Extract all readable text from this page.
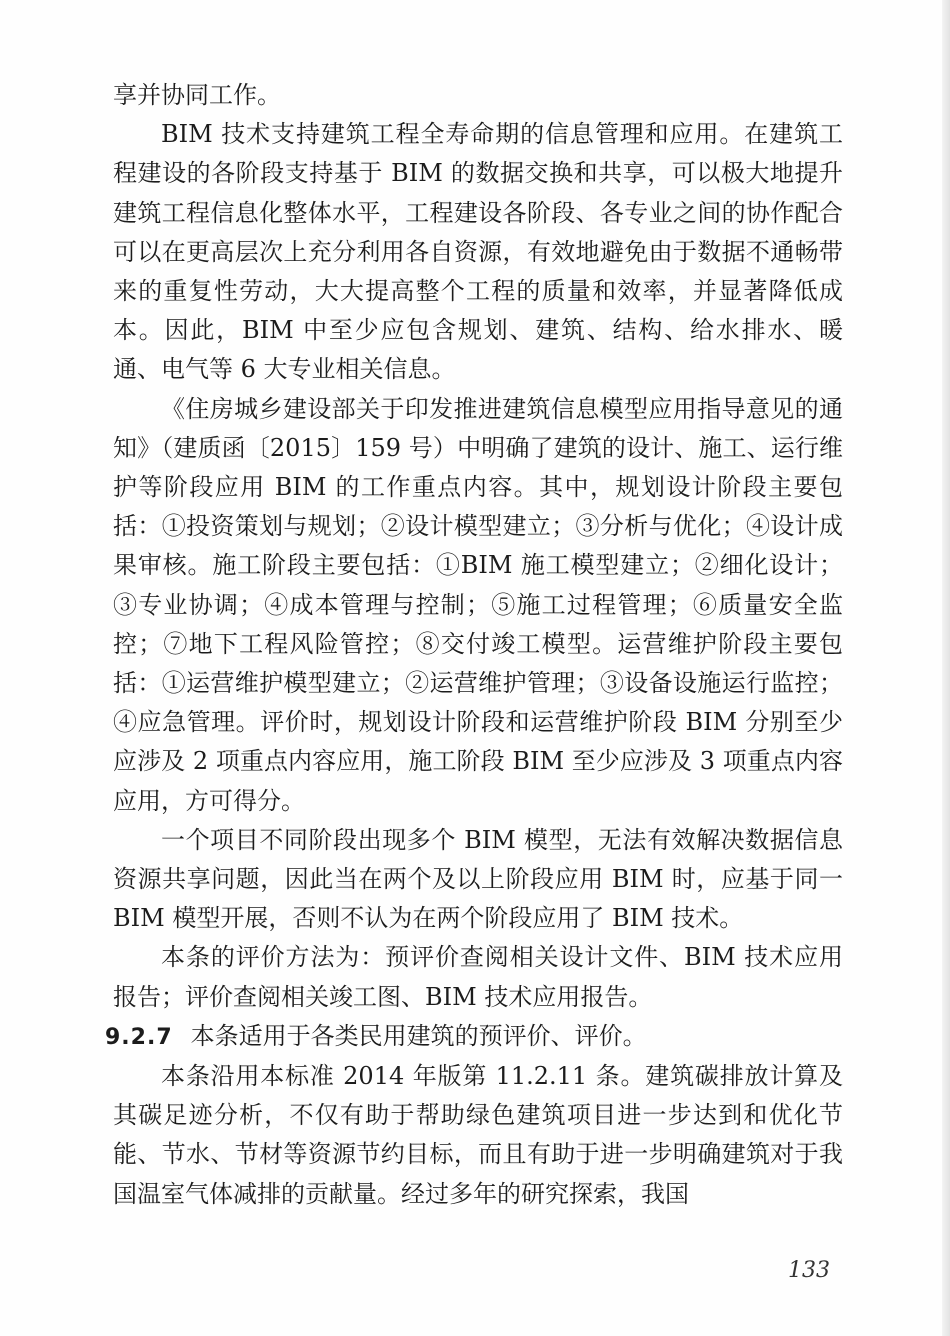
享并协同工作。

BIM 技术支持建筑工程全寿命期的信息管理和应用。在建筑工程建设的各阶段支持基于 BIM 的数据交换和共享，可以极大地提升建筑工程信息化整体水平，工程建设各阶段、各专业之间的协作配合可以在更高层次上充分利用各自资源，有效地避免由于数据不通畅带来的重复性劳动，大大提高整个工程的质量和效率，并显著降低成本。因此，BIM 中至少应包含规划、建筑、结构、给水排水、暖通、电气等 6 大专业相关信息。

《住房城乡建设部关于印发推进建筑信息模型应用指导意见的通知》（建质函〔2015〕159 号）中明确了建筑的设计、施工、运行维护等阶段应用 BIM 的工作重点内容。其中，规划设计阶段主要包括：①投资策划与规划；②设计模型建立；③分析与优化；④设计成果审核。施工阶段主要包括：①BIM 施工模型建立；②细化设计；③专业协调；④成本管理与控制；⑤施工过程管理；⑥质量安全监控；⑦地下工程风险管控；⑧交付竣工模型。运营维护阶段主要包括：①运营维护模型建立；②运营维护管理；③设备设施运行监控；④应急管理。评价时，规划设计阶段和运营维护阶段 BIM 分别至少应涉及 2 项重点内容应用，施工阶段 BIM 至少应涉及 3 项重点内容应用，方可得分。

一个项目不同阶段出现多个 BIM 模型，无法有效解决数据信息资源共享问题，因此当在两个及以上阶段应用 BIM 时，应基于同一 BIM 模型开展，否则不认为在两个阶段应用了 BIM 技术。

本条的评价方法为：预评价查阅相关设计文件、BIM 技术应用报告；评价查阅相关竣工图、BIM 技术应用报告。

9.2.7 本条适用于各类民用建筑的预评价、评价。

本条沿用本标准 2014 年版第 11.2.11 条。建筑碳排放计算及其碳足迹分析，不仅有助于帮助绿色建筑项目进一步达到和优化节能、节水、节材等资源节约目标，而且有助于进一步明确建筑对于我国温室气体减排的贡献量。经过多年的研究探索，我国

133
